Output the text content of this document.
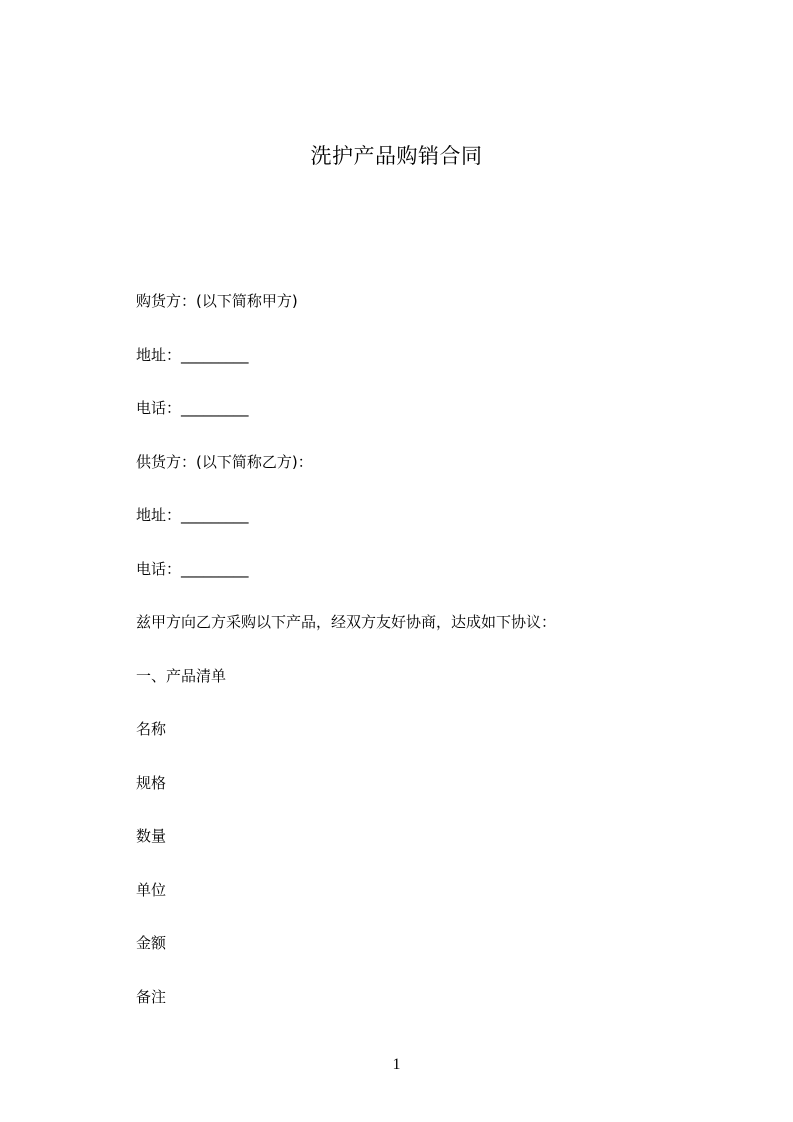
洗护产品购销合同
购货方：(以下简称甲方)
地址：_________
电话：_________
供货方：(以下简称乙方)：
地址：_________
电话：_________
兹甲方向乙方采购以下产品，经双方友好协商，达成如下协议：
一、产品清单
名称
规格
数量
单位
金额
备注
1
